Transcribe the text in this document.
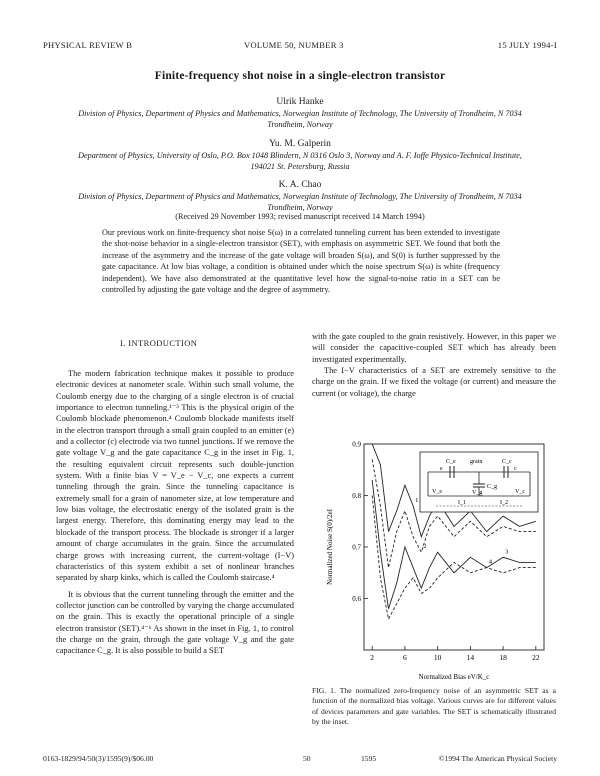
PHYSICAL REVIEW B	VOLUME 50, NUMBER 3	15 JULY 1994-I
Finite-frequency shot noise in a single-electron transistor
Ulrik Hanke
Division of Physics, Department of Physics and Mathematics, Norwegian Institute of Technology, The University of Trondheim, N 7034 Trondheim, Norway
Yu. M. Galperin
Department of Physics, University of Oslo, P.O. Box 1048 Blindern, N 0316 Oslo 3, Norway and A. F. Ioffe Physico-Technical Institute, 194021 St. Petersburg, Russia
K. A. Chao
Division of Physics, Department of Physics and Mathematics, Norwegian Institute of Technology, The University of Trondheim, N 7034 Trondheim, Norway
(Received 29 November 1993; revised manuscript received 14 March 1994)
Our previous work on finite-frequency shot noise S(ω) in a correlated tunneling current has been extended to investigate the shot-noise behavior in a single-electron transistor (SET), with emphasis on asymmetric SET. We found that both the increase of the asymmetry and the increase of the gate voltage will broaden S(ω), and S(0) is further suppressed by the gate capacitance. At low bias voltage, a condition is obtained under which the noise spectrum S(ω) is white (frequency independent). We have also demonstrated at the quantitative level how the signal-to-noise ratio in a SET can be controlled by adjusting the gate voltage and the degree of asymmetry.
I. INTRODUCTION

The modern fabrication technique makes it possible to produce electronic devices at nanometer scale. Within such small volume, the Coulomb energy due to the charging of a single electron is of crucial importance to electron tunneling.¹⁻³ This is the physical origin of the Coulomb blockade phenomenon.⁴ Coulomb blockade manifests itself in the electron transport through a small grain coupled to an emitter (e) and a collector (c) electrode via two tunnel junctions. If we remove the gate voltage V_g and the gate capacitance C_g in the inset in Fig. 1, the resulting equivalent circuit represents such double-junction system. With a finite bias V = V_e − V_c, one expects a current tunneling through the grain. Since the tunneling capacitance is extremely small for a grain of nanometer size, at low temperature and low bias voltage, the electrostatic energy of the isolated grain is the largest energy. Therefore, this dominating energy may lead to the blockade of the transport process. The blockade is stronger if a larger amount of charge accumulates in the grain. Since the accumulated charge grows with increasing current, the current-voltage (I−V) characteristics of this system exhibit a set of nonlinear branches separated by sharp kinks, which is called the Coulomb staircase.⁴

It is obvious that the current tunneling through the emitter and the collector junction can be controlled by varying the charge accumulated on the grain. This is exactly the operational principle of a single electron transistor (SET).⁴⁻⁶ As shown in the inset in Fig. 1, to control the charge on the grain, through the gate voltage V_g and the gate capacitance C_g. It is also possible to build a SET

with the gate coupled to the grain resistively. However, in this paper we will consider the capacitive-coupled SET which has already been investigated experimentally.

The I−V characteristics of a SET are extremely sensitive to the charge on the grain. If we fixed the voltage (or current) and measure the current (or voltage), the charge

0.6
0.7
0.8
0.9
2	6	10	14	18	22
1
2
3
4
Normalized Bias eV/K_c
Normalized Noise S(0)/2eI
C_e grain	C_c
e	c
C_g
V_e	V_g	V_c
I_1	I_2
FIG. 1. The normalized zero-frequency noise of an asymmetric SET as a function of the normalized bias voltage. Various curves are for different values of devices parameters and gate variables. The SET is schematically illustrated by the inset.
0163-1829/94/50(3)/1595(9)/$06.00	50	1595	©1994 The American Physical Society
